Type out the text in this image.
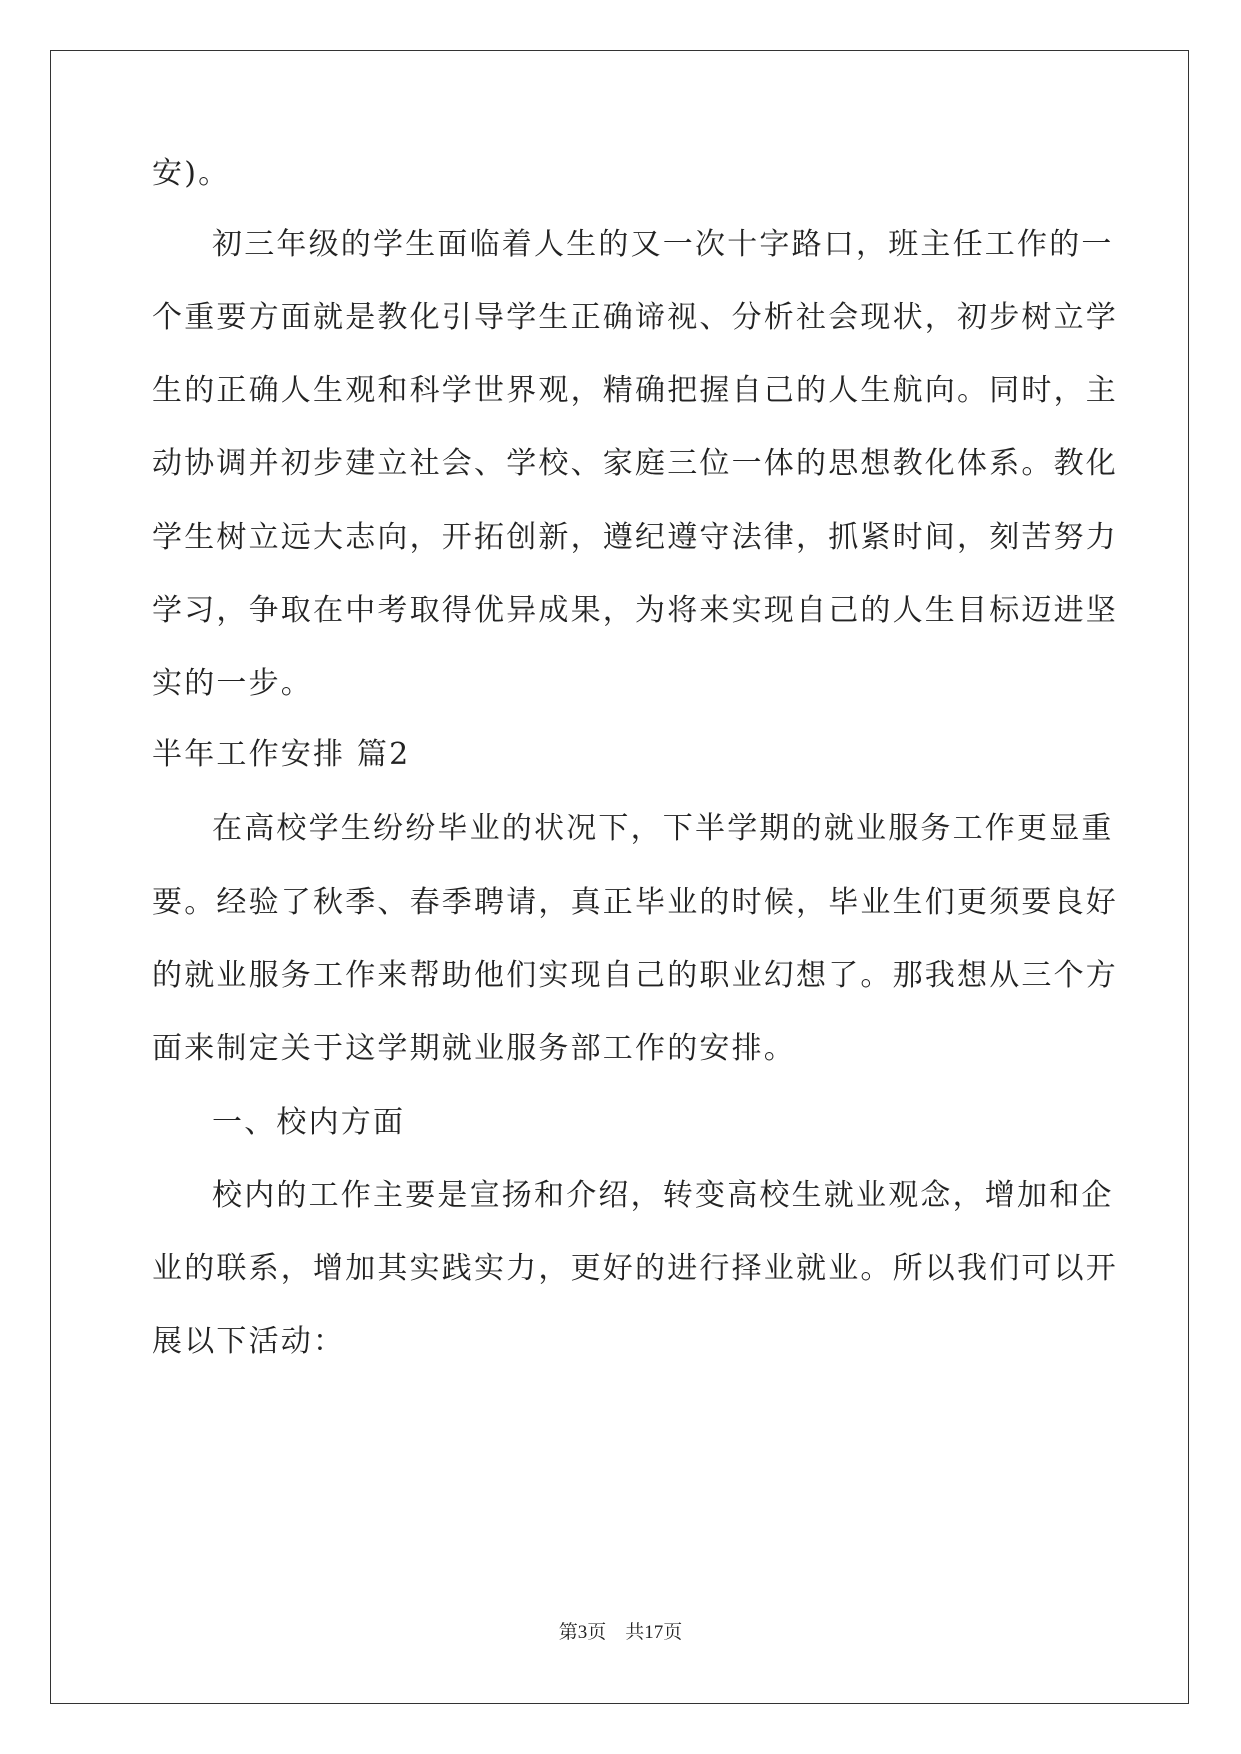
安)。
初三年级的学生面临着人生的又一次十字路口，班主任工作的一
个重要方面就是教化引导学生正确谛视、分析社会现状，初步树立学
生的正确人生观和科学世界观，精确把握自己的人生航向。同时，主
动协调并初步建立社会、学校、家庭三位一体的思想教化体系。教化
学生树立远大志向，开拓创新，遵纪遵守法律，抓紧时间，刻苦努力
学习，争取在中考取得优异成果，为将来实现自己的人生目标迈进坚
实的一步。
半年工作安排 篇2
在高校学生纷纷毕业的状况下，下半学期的就业服务工作更显重
要。经验了秋季、春季聘请，真正毕业的时候，毕业生们更须要良好
的就业服务工作来帮助他们实现自己的职业幻想了。那我想从三个方
面来制定关于这学期就业服务部工作的安排。
一、校内方面
校内的工作主要是宣扬和介绍，转变高校生就业观念，增加和企
业的联系，增加其实践实力，更好的进行择业就业。所以我们可以开
展以下活动：
第3页 共17页
